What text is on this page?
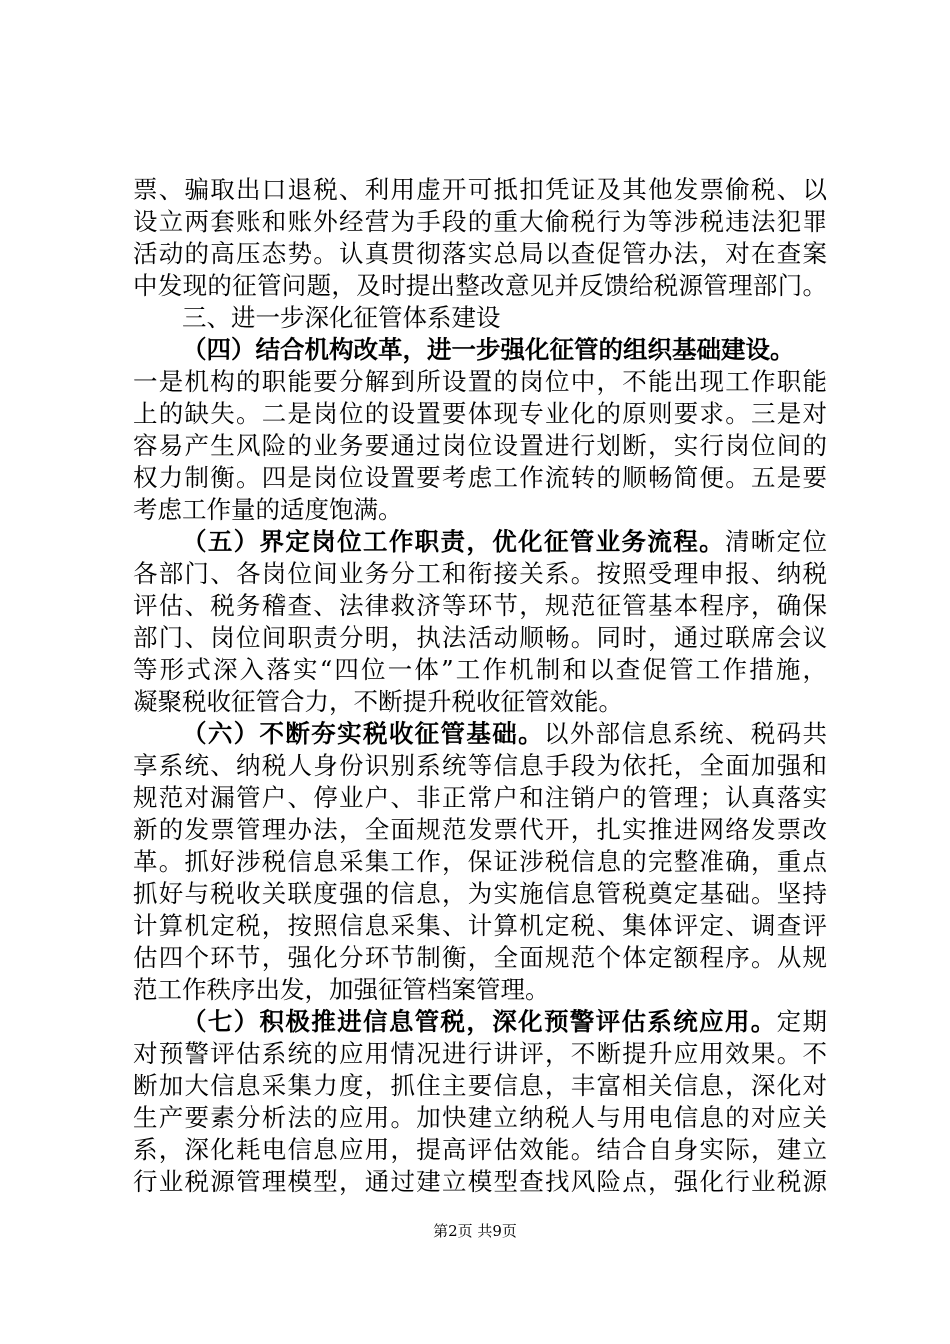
票、骗取出口退税、利用虚开可抵扣凭证及其他发票偷税、以
设立两套账和账外经营为手段的重大偷税行为等涉税违法犯罪
活动的高压态势。认真贯彻落实总局以查促管办法，对在查案
中发现的征管问题，及时提出整改意见并反馈给税源管理部门。
三、进一步深化征管体系建设
（四）结合机构改革，进一步强化征管的组织基础建设。
一是机构的职能要分解到所设置的岗位中，不能出现工作职能
上的缺失。二是岗位的设置要体现专业化的原则要求。三是对
容易产生风险的业务要通过岗位设置进行划断，实行岗位间的
权力制衡。四是岗位设置要考虑工作流转的顺畅简便。五是要
考虑工作量的适度饱满。
（五）界定岗位工作职责，优化征管业务流程。清晰定位
各部门、各岗位间业务分工和衔接关系。按照受理申报、纳税
评估、税务稽查、法律救济等环节，规范征管基本程序，确保
部门、岗位间职责分明，执法活动顺畅。同时，通过联席会议
等形式深入落实“四位一体”工作机制和以查促管工作措施，
凝聚税收征管合力，不断提升税收征管效能。
（六）不断夯实税收征管基础。以外部信息系统、税码共
享系统、纳税人身份识别系统等信息手段为依托，全面加强和
规范对漏管户、停业户、非正常户和注销户的管理；认真落实
新的发票管理办法，全面规范发票代开，扎实推进网络发票改
革。抓好涉税信息采集工作，保证涉税信息的完整准确，重点
抓好与税收关联度强的信息，为实施信息管税奠定基础。坚持
计算机定税，按照信息采集、计算机定税、集体评定、调查评
估四个环节，强化分环节制衡，全面规范个体定额程序。从规
范工作秩序出发，加强征管档案管理。
（七）积极推进信息管税，深化预警评估系统应用。定期
对预警评估系统的应用情况进行讲评，不断提升应用效果。不
断加大信息采集力度，抓住主要信息，丰富相关信息，深化对
生产要素分析法的应用。加快建立纳税人与用电信息的对应关
系，深化耗电信息应用，提高评估效能。结合自身实际，建立
行业税源管理模型，通过建立模型查找风险点，强化行业税源
第2页 共9页
